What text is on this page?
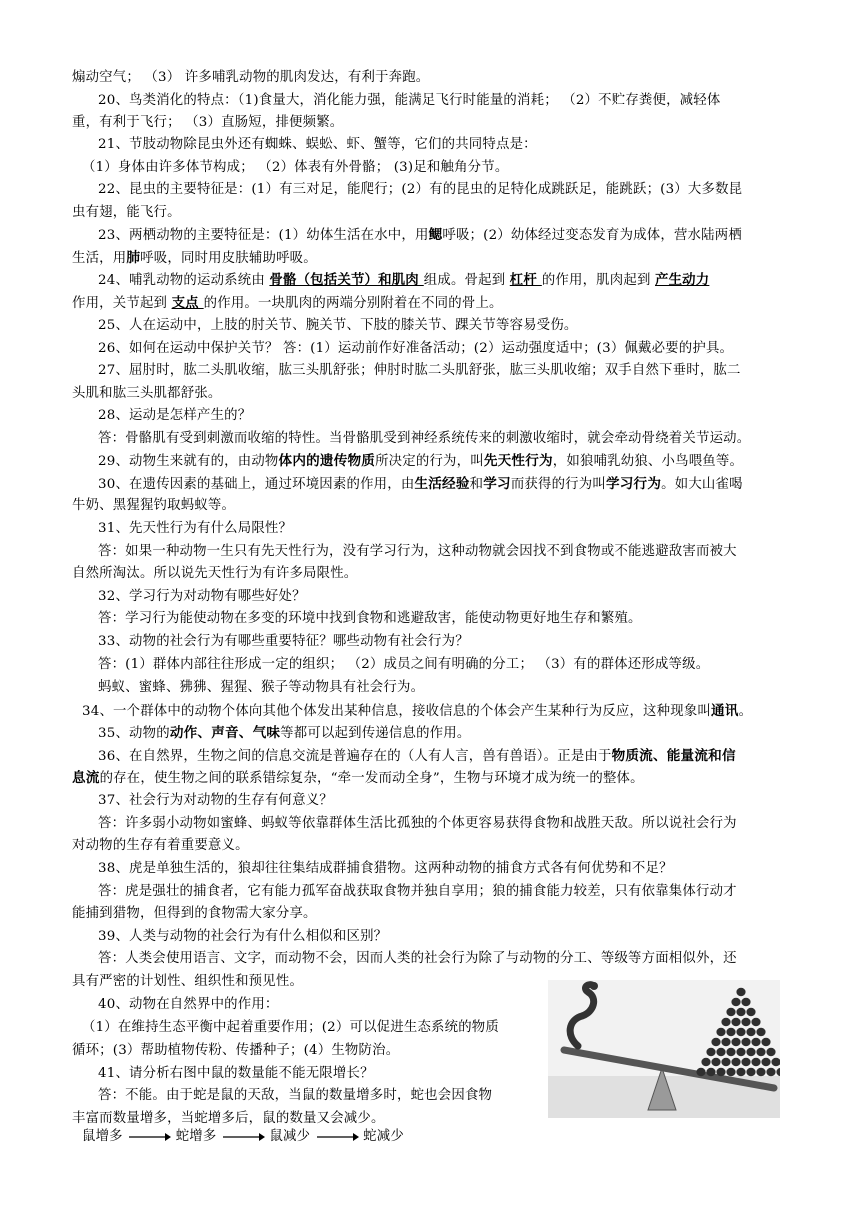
煽动空气； （3） 许多哺乳动物的肌肉发达，有利于奔跑。
20、鸟类消化的特点：（1)食量大，消化能力强，能满足飞行时能量的消耗； （2）不贮存粪便，减轻体
重，有利于飞行； （3）直肠短，排便频繁。
21、节肢动物除昆虫外还有蜘蛛、蜈蚣、虾、蟹等，它们的共同特点是：
（1）身体由许多体节构成； （2）体表有外骨骼； (3)足和触角分节。
22、昆虫的主要特征是：(1）有三对足，能爬行；(2）有的昆虫的足特化成跳跃足，能跳跃；(3）大多数昆
虫有翅，能飞行。
23、两栖动物的主要特征是：(1）幼体生活在水中，用鳃呼吸；(2）幼体经过变态发育为成体，营水陆两栖
生活，用肺呼吸，同时用皮肤辅助呼吸。
24、哺乳动物的运动系统由 骨骼（包括关节）和肌肉 组成。骨起到 杠杆 的作用，肌肉起到 产生动力
作用，关节起到 支点 的作用。一块肌肉的两端分别附着在不同的骨上。
25、人在运动中，上肢的肘关节、腕关节、下肢的膝关节、踝关节等容易受伤。
26、如何在运动中保护关节？ 答：(1）运动前作好准备活动；(2）运动强度适中；(3）佩戴必要的护具。
27、屈肘时，肱二头肌收缩，肱三头肌舒张；伸肘时肱二头肌舒张，肱三头肌收缩；双手自然下垂时，肱二
头肌和肱三头肌都舒张。
28、运动是怎样产生的？
答：骨骼肌有受到刺激而收缩的特性。当骨骼肌受到神经系统传来的刺激收缩时，就会牵动骨绕着关节运动。
29、动物生来就有的，由动物体内的遗传物质所决定的行为，叫先天性行为，如狼哺乳幼狼、小鸟喂鱼等。
30、在遗传因素的基础上，通过环境因素的作用，由生活经验和学习而获得的行为叫学习行为。如大山雀喝
牛奶、黑猩猩钓取蚂蚁等。
31、先天性行为有什么局限性？
答：如果一种动物一生只有先天性行为，没有学习行为，这种动物就会因找不到食物或不能逃避敌害而被大
自然所淘汰。所以说先天性行为有许多局限性。
32、学习行为对动物有哪些好处？
答：学习行为能使动物在多变的环境中找到食物和逃避敌害，能使动物更好地生存和繁殖。
33、动物的社会行为有哪些重要特征？哪些动物有社会行为？
答：(1）群体内部往往形成一定的组织； （2）成员之间有明确的分工； （3）有的群体还形成等级。
蚂蚁、蜜蜂、狒狒、猩猩、猴子等动物具有社会行为。
34、一个群体中的动物个体向其他个体发出某种信息，接收信息的个体会产生某种行为反应，这种现象叫通讯。
35、动物的动作、声音、气味等都可以起到传递信息的作用。
36、在自然界，生物之间的信息交流是普遍存在的（人有人言，兽有兽语）。正是由于物质流、能量流和信
息流的存在，使生物之间的联系错综复杂，“牵一发而动全身”，生物与环境才成为统一的整体。
37、社会行为对动物的生存有何意义？
答：许多弱小动物如蜜蜂、蚂蚁等依靠群体生活比孤独的个体更容易获得食物和战胜天敌。所以说社会行为
对动物的生存有着重要意义。
38、虎是单独生活的，狼却往往集结成群捕食猎物。这两种动物的捕食方式各有何优势和不足？
答：虎是强壮的捕食者，它有能力孤军奋战获取食物并独自享用；狼的捕食能力较差，只有依靠集体行动才
能捕到猎物，但得到的食物需大家分享。
39、人类与动物的社会行为有什么相似和区别？
答：人类会使用语言、文字，而动物不会，因而人类的社会行为除了与动物的分工、等级等方面相似外，还
具有严密的计划性、组织性和预见性。
40、动物在自然界中的作用：
（1）在维持生态平衡中起着重要作用；(2）可以促进生态系统的物质
循环；(3）帮助植物传粉、传播种子；(4）生物防治。
41、请分析右图中鼠的数量能不能无限增长？
答：不能。由于蛇是鼠的天敌，当鼠的数量增多时，蛇也会因食物
丰富而数量增多，当蛇增多后，鼠的数量又会减少。
鼠增多	蛇增多	鼠减少	蛇减少
